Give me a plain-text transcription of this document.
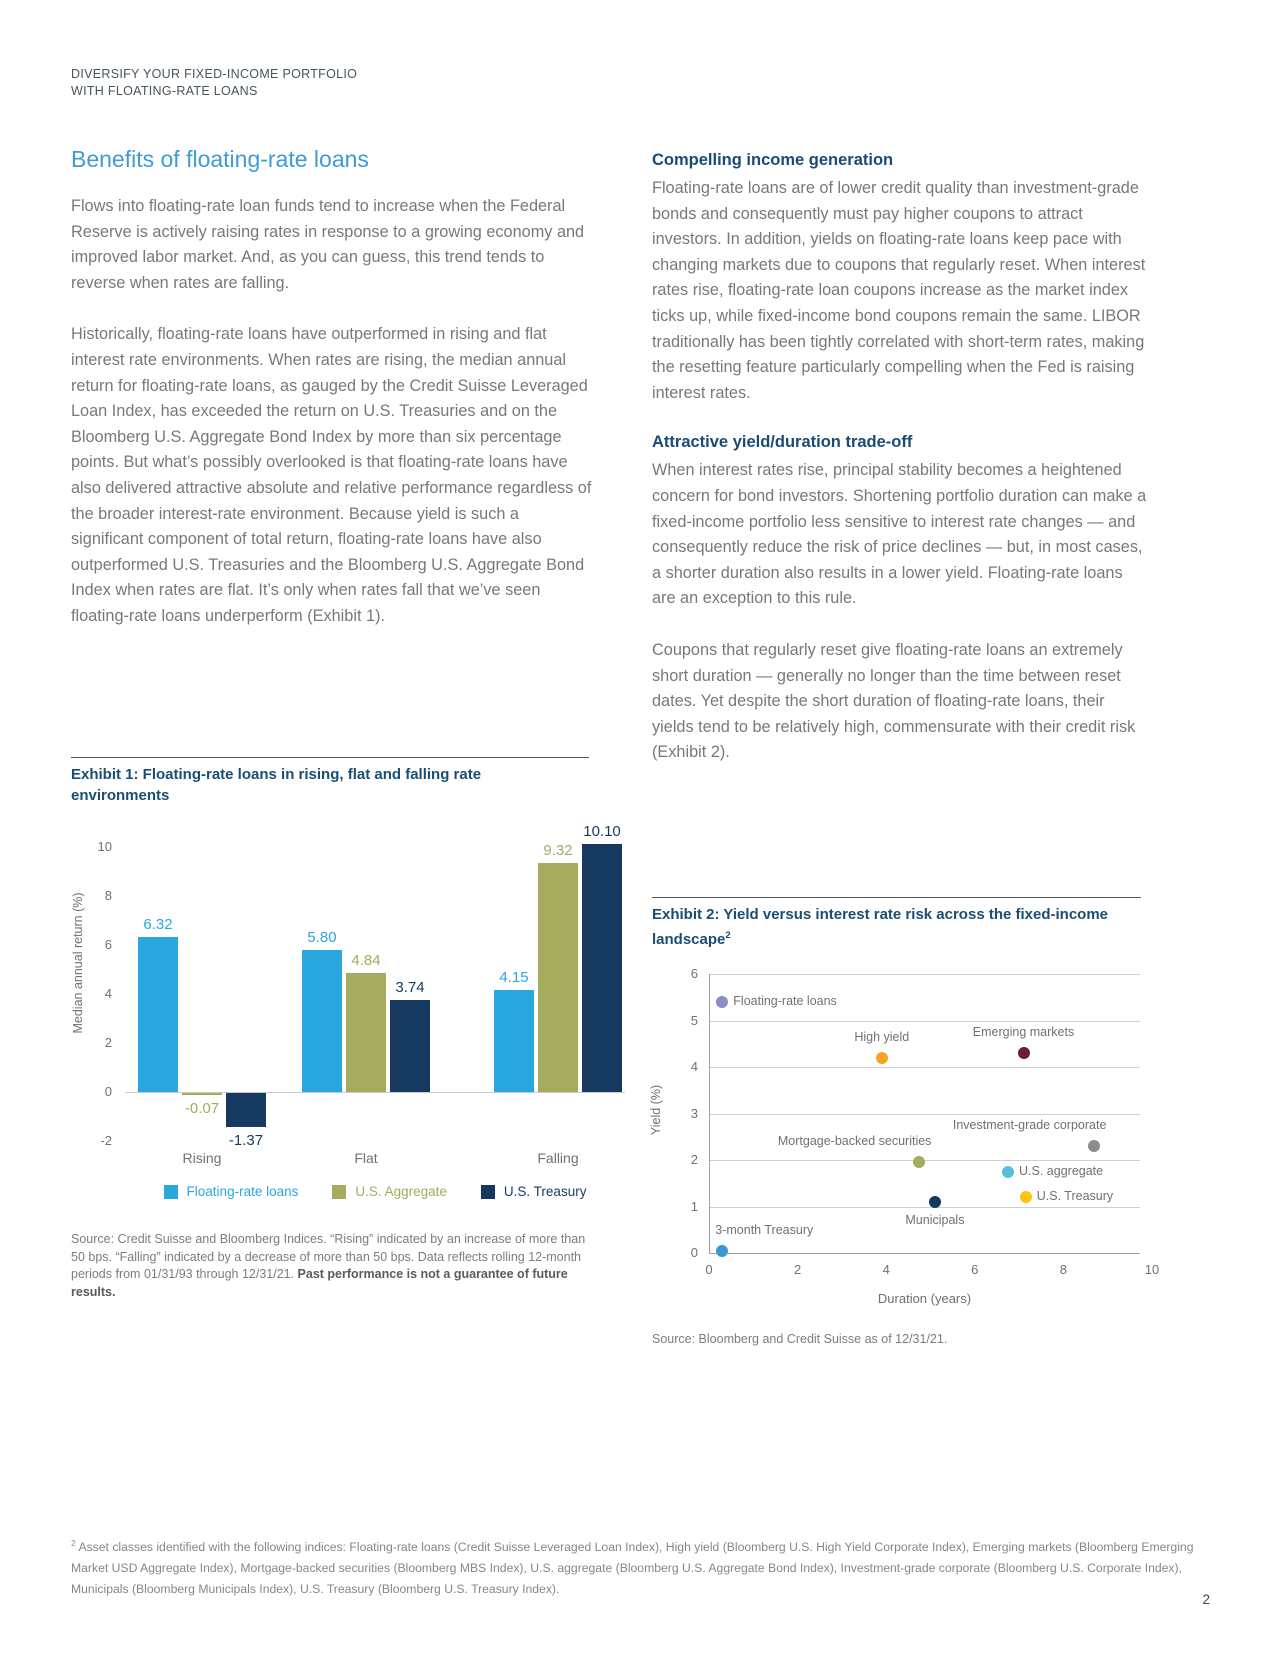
DIVERSIFY YOUR FIXED-INCOME PORTFOLIO
WITH FLOATING-RATE LOANS
Benefits of floating-rate loans

Flows into floating-rate loan funds tend to increase when the Federal Reserve is actively raising rates in response to a growing economy and improved labor market. And, as you can guess, this trend tends to reverse when rates are falling.

Historically, floating-rate loans have outperformed in rising and flat interest rate environments. When rates are rising, the median annual return for floating-rate loans, as gauged by the Credit Suisse Leveraged Loan Index, has exceeded the return on U.S. Treasuries and on the Bloomberg U.S. Aggregate Bond Index by more than six percentage points. But what’s possibly overlooked is that floating-rate loans have also delivered attractive absolute and relative performance regardless of the broader interest-rate environment. Because yield is such a significant component of total return, floating-rate loans have also outperformed U.S. Treasuries and the Bloomberg U.S. Aggregate Bond Index when rates are flat. It’s only when rates fall that we’ve seen floating-rate loans underperform (Exhibit 1).

Compelling income generation

Floating-rate loans are of lower credit quality than investment-grade bonds and consequently must pay higher coupons to attract investors. In addition, yields on floating-rate loans keep pace with changing markets due to coupons that regularly reset. When interest rates rise, floating-rate loan coupons increase as the market index ticks up, while fixed-income bond coupons remain the same. LIBOR traditionally has been tightly correlated with short-term rates, making the resetting feature particularly compelling when the Fed is raising interest rates.

Attractive yield/duration trade-off

When interest rates rise, principal stability becomes a heightened concern for bond investors. Shortening portfolio duration can make a fixed-income portfolio less sensitive to interest rate changes — and consequently reduce the risk of price declines — but, in most cases, a shorter duration also results in a lower yield. Floating-rate loans are an exception to this rule.

Coupons that regularly reset give floating-rate loans an extremely short duration — generally no longer than the time between reset dates. Yet despite the short duration of floating-rate loans, their yields tend to be relatively high, commensurate with their credit risk (Exhibit 2).

Exhibit 1: Floating-rate loans in rising, flat and falling rate environments
Median annual return (%)
10
8
6
4
2
0
-2
6.32
5.80
4.15
-0.07
4.84
9.32
-1.37
3.74
10.10
Rising	Flat	Falling
Floating-rate loans	U.S. Aggregate	U.S. Treasury

Source: Credit Suisse and Bloomberg Indices. “Rising” indicated by an increase of more than 50 bps. “Falling” indicated by a decrease of more than 50 bps. Data reflects rolling 12-month periods from 01/31/93 through 12/31/21. Past performance is not a guarantee of future results.

Exhibit 2: Yield versus interest rate risk across the fixed-income landscape$^2$
Yield (%)
0
1
2
3
4
5
6
0	2	4	6	8	10
Duration (years)
Floating-rate loans
High yield	Emerging markets
Investment-grade corporate
U.S. aggregate
U.S. Treasury
Mortgage-backed securities
Municipals
3-month Treasury

Source: Bloomberg and Credit Suisse as of 12/31/21.

$^2$ Asset classes identified with the following indices: Floating-rate loans (Credit Suisse Leveraged Loan Index), High yield (Bloomberg U.S. High Yield Corporate Index), Emerging markets (Bloomberg Emerging Market USD Aggregate Index), Mortgage-backed securities (Bloomberg MBS Index), U.S. aggregate (Bloomberg U.S. Aggregate Bond Index), Investment-grade corporate (Bloomberg U.S. Corporate Index), Municipals (Bloomberg Municipals Index), U.S. Treasury (Bloomberg U.S. Treasury Index).
2
